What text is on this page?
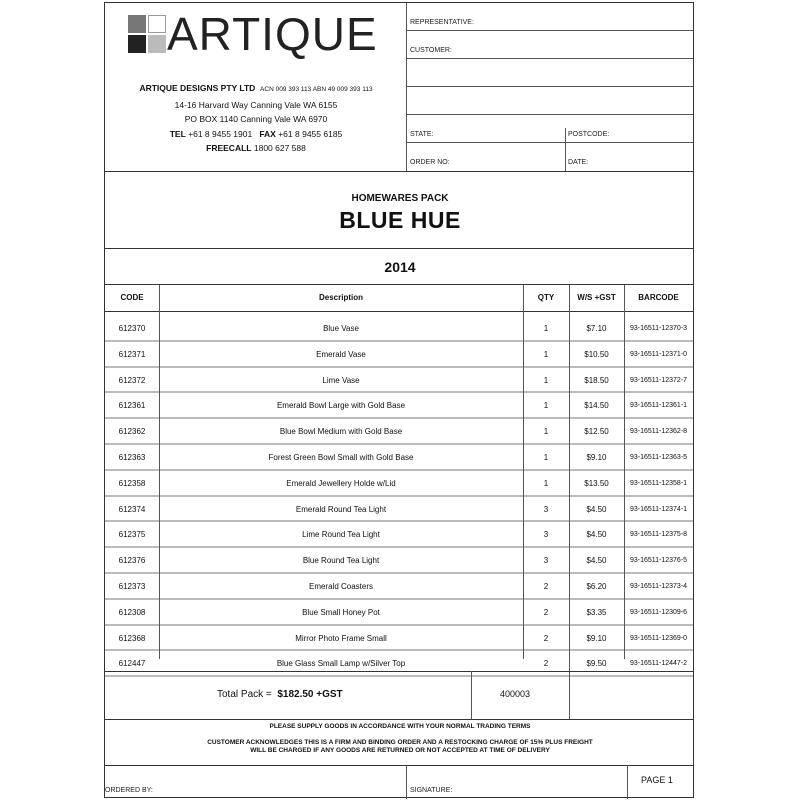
ARTIQUE
ARTIQUE DESIGNS PTY LTD ACN 009 393 113 ABN 49 009 393 113
14-16 Harvard Way Canning Vale WA 6155
PO BOX 1140 Canning Vale WA 6970
TEL +61 8 9455 1901 FAX +61 8 9455 6185
FREECALL 1800 627 588
REPRESENTATIVE:
CUSTOMER:
STATE:	POSTCODE:
ORDER NO:	DATE:
HOMEWARES PACK
BLUE HUE
2014
CODE	Description	QTY	W/S +GST	BARCODE
612370	Blue Vase	1	$7.10	93-16511-12370-3
612371	Emerald Vase	1	$10.50	93-16511-12371-0
612372	Lime Vase	1	$18.50	93-16511-12372-7
612361	Emerald Bowl Large with Gold Base	1	$14.50	93-16511-12361-1
612362	Blue Bowl Medium with Gold Base	1	$12.50	93-16511-12362-8
612363	Forest Green Bowl Small with Gold Base	1	$9.10	93-16511-12363-5
612358	Emerald Jewellery Holde w/Lid	1	$13.50	93-16511-12358-1
612374	Emerald Round Tea Light	3	$4.50	93-16511-12374-1
612375	Lime Round Tea Light	3	$4.50	93-16511-12375-8
612376	Blue Round Tea Light	3	$4.50	93-16511-12376-5
612373	Emerald Coasters	2	$6.20	93-16511-12373-4
612308	Blue Small Honey Pot	2	$3.35	93-16511-12309-6
612368	Mirror Photo Frame Small	2	$9.10	93-16511-12369-0
612447	Blue Glass Small Lamp w/Silver Top	2	$9.50	93-16511-12447-2
Total Pack = $182.50 +GST	400003
PLEASE SUPPLY GOODS IN ACCORDANCE WITH YOUR NORMAL TRADING TERMS
CUSTOMER ACKNOWLEDGES THIS IS A FIRM AND BINDING ORDER AND A RESTOCKING CHARGE OF 15% PLUS FREIGHT
WILL BE CHARGED IF ANY GOODS ARE RETURNED OR NOT ACCEPTED AT TIME OF DELIVERY
ORDERED BY:	SIGNATURE:
PAGE 1
